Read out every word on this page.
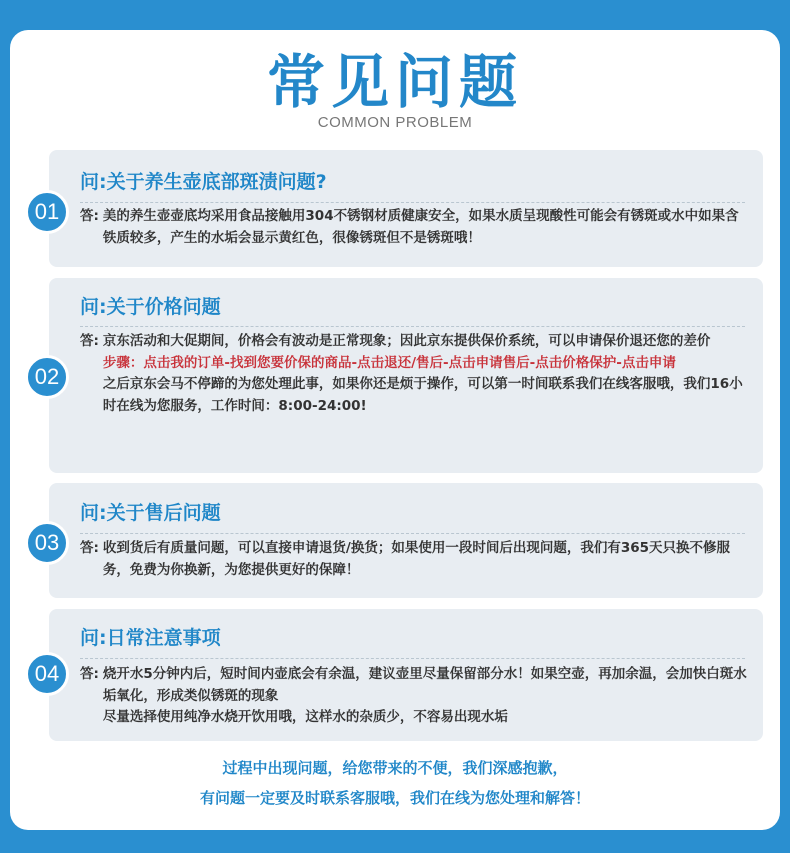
常见问题
COMMON PROBLEM
01
问:关于养生壶底部斑渍问题?
答: 美的养生壶壶底均采用食品接触用304不锈钢材质健康安全，如果水质呈现酸性可能会有锈斑或水中如果含铁质较多，产生的水垢会显示黄红色，很像锈斑但不是锈斑哦！

02
问:关于价格问题
答: 京东活动和大促期间，价格会有波动是正常现象；因此京东提供保价系统，可以申请保价退还您的差价

步骤：点击我的订单-找到您要价保的商品-点击退还/售后-点击申请售后-点击价格保护-点击申请

之后京东会马不停蹄的为您处理此事，如果你还是烦于操作，可以第一时间联系我们在线客服哦，我们16小时在线为您服务，工作时间：8:00-24:00!

03
问:关于售后问题
答: 收到货后有质量问题，可以直接申请退货/换货；如果使用一段时间后出现问题，我们有365天只换不修服务，免费为你换新，为您提供更好的保障！

04
问:日常注意事项
答: 烧开水5分钟内后，短时间内壶底会有余温，建议壶里尽量保留部分水！如果空壶，再加余温，会加快白斑水垢氧化，形成类似锈斑的现象

尽量选择使用纯净水烧开饮用哦，这样水的杂质少，不容易出现水垢

过程中出现问题，给您带来的不便，我们深感抱歉，
有问题一定要及时联系客服哦，我们在线为您处理和解答！
